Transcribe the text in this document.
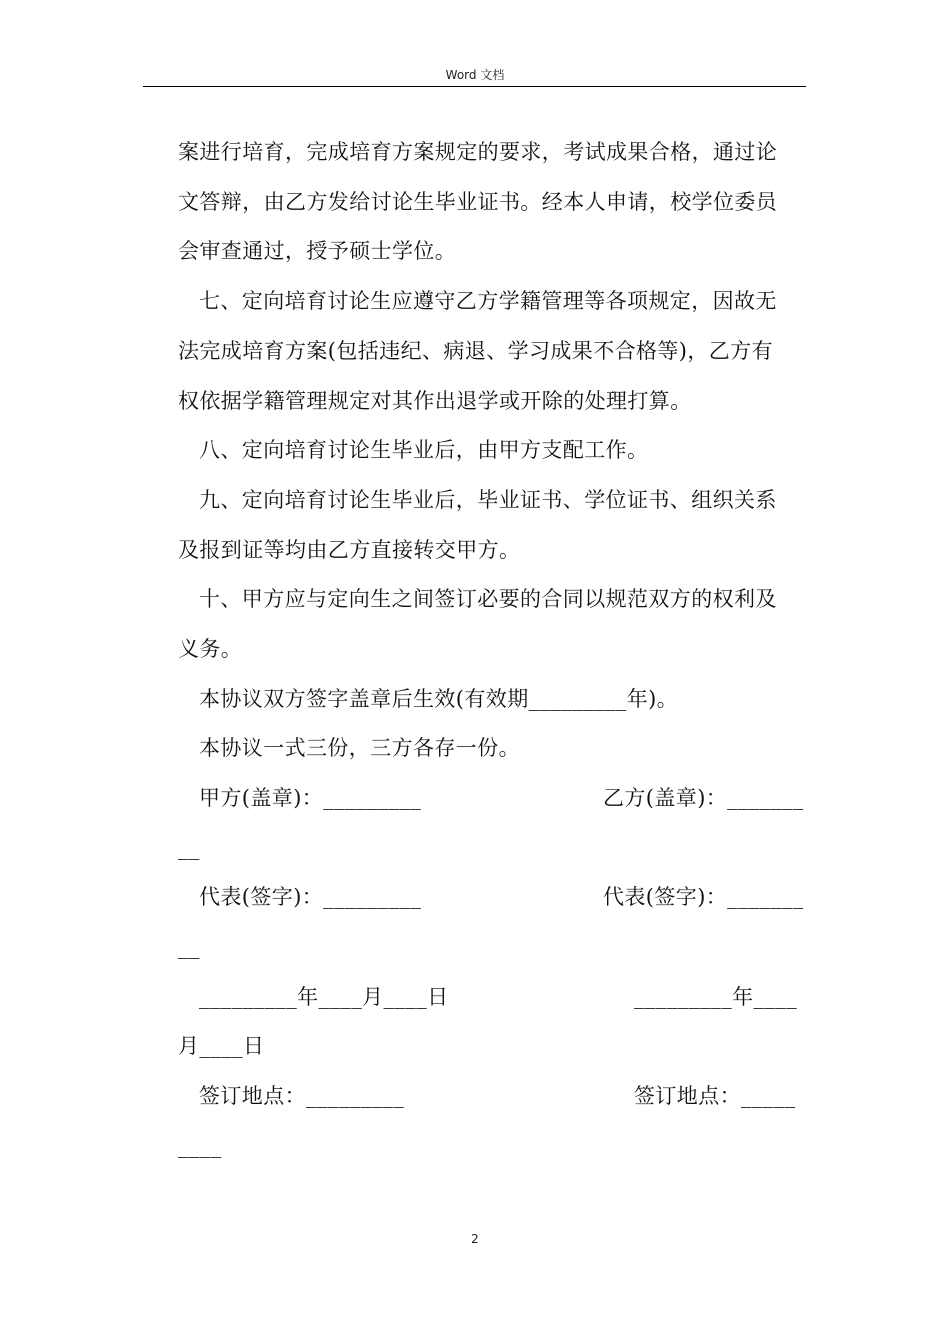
Word 文档
案进行培育，完成培育方案规定的要求，考试成果合格，通过论
文答辩，由乙方发给讨论生毕业证书。经本人申请，校学位委员
会审查通过，授予硕士学位。
七、定向培育讨论生应遵守乙方学籍管理等各项规定，因故无
法完成培育方案(包括违纪、病退、学习成果不合格等)，乙方有
权依据学籍管理规定对其作出退学或开除的处理打算。
八、定向培育讨论生毕业后，由甲方支配工作。
九、定向培育讨论生毕业后，毕业证书、学位证书、组织关系
及报到证等均由乙方直接转交甲方。
十、甲方应与定向生之间签订必要的合同以规范双方的权利及
义务。
本协议双方签字盖章后生效(有效期_________年)。
本协议一式三份，三方各存一份。
甲方(盖章)：_________	乙方(盖章)：_______
__
代表(签字)：_________	代表(签字)：_______
__
_________年____月____日	_________年____
月____日
签订地点：_________	签订地点：_____
____
2
